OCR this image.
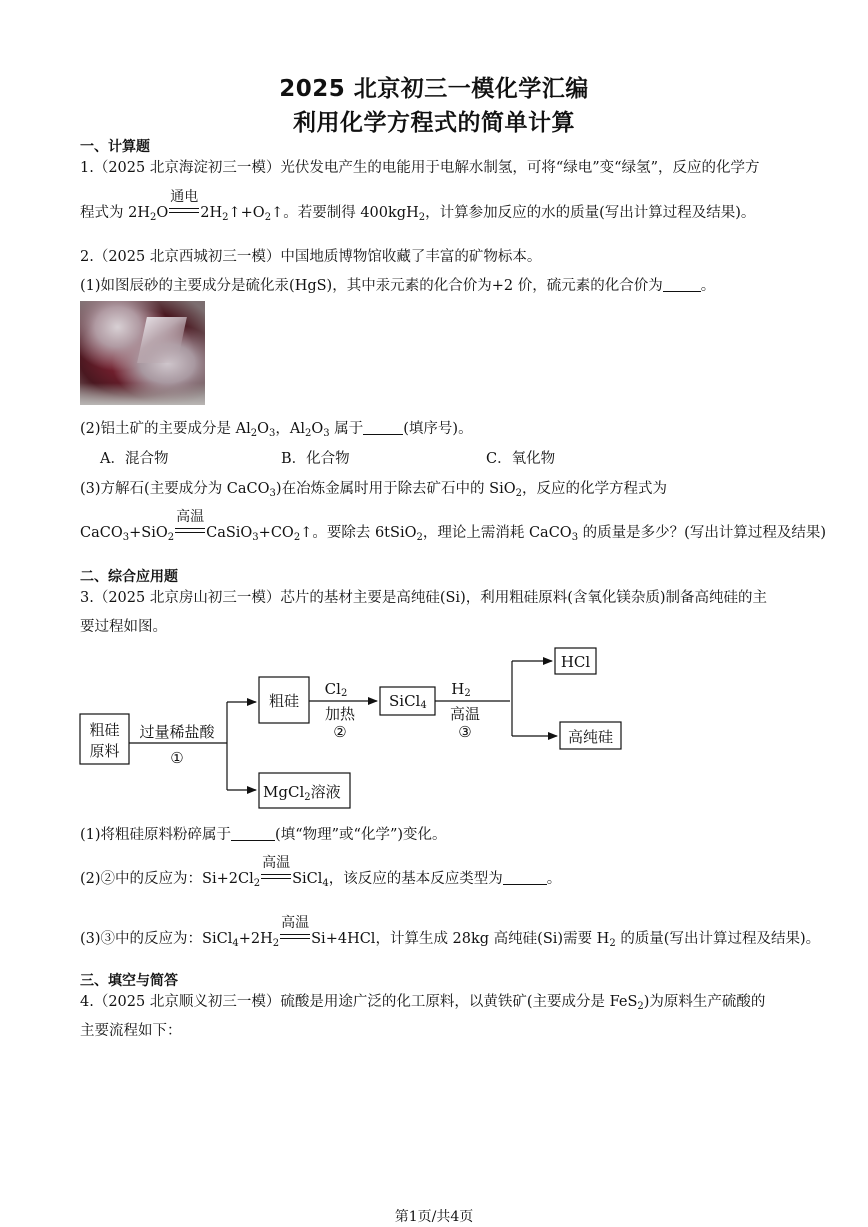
2025 北京初三一模化学汇编
利用化学方程式的简单计算
一、计算题
1.（2025 北京海淀初三一模）光伏发电产生的电能用于电解水制氢，可将“绿电”变“绿氢”，反应的化学方
程式为 $2H_2O$
通电
$2H_2↑+O_2↑$。若要制得 400kgH$_2$，计算参加反应的水的质量(写出计算过程及结果)。
2.（2025 北京西城初三一模）中国地质博物馆收藏了丰富的矿物标本。
(1)如图辰砂的主要成分是硫化汞(HgS)，其中汞元素的化合价为+2 价，硫元素的化合价为	。
(2)铝土矿的主要成分是 $Al_2O_3$，$Al_2O_3$ 属于	(填序号)。
A．混合物	B．化合物	C．氧化物
(3)方解石(主要成分为 CaCO$_3$)在冶炼金属时用于除去矿石中的 SiO$_2$，反应的化学方程式为
CaCO$_3$+SiO$_2$
高温
$CaSiO_3+CO_2↑$。要除去 6tSiO$_2$，理论上需消耗 CaCO$_3$ 的质量是多少？(写出计算过程及结果)
二、综合应用题
3.（2025 北京房山初三一模）芯片的基材主要是高纯硅(Si)，利用粗硅原料(含氧化镁杂质)制备高纯硅的主
要过程如图。
粗硅
原料
过量稀盐酸
①
粗硅
MgCl$_2$溶液
Cl2
加热
②
SiCl4
H2
高温
③
HCl
高纯硅
(1)将粗硅原料粉碎属于	(填“物理”或“化学”)变化。
(2)②中的反应为：$Si+2Cl_2$
高温
SiCl$_4$，该反应的基本反应类型为	。
(3)③中的反应为：$SiCl_4+2H_2$
高温
Si+4HCl，计算生成 28kg 高纯硅(Si)需要 $H_2$ 的质量(写出计算过程及结果)。
三、填空与简答
4.（2025 北京顺义初三一模）硫酸是用途广泛的化工原料，以黄铁矿(主要成分是 FeS$_2$)为原料生产硫酸的
主要流程如下：
第1页/共4页
